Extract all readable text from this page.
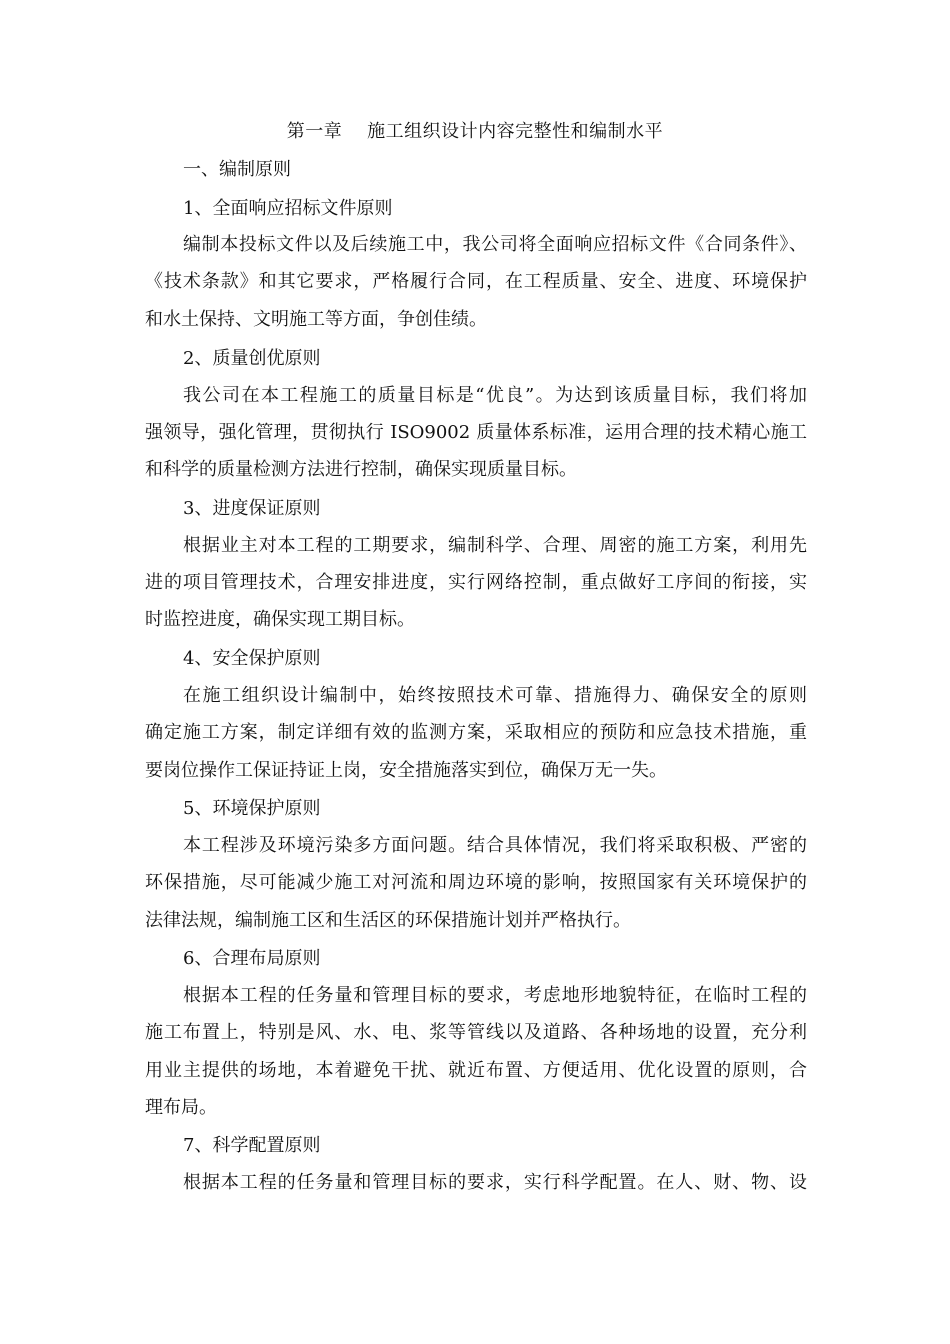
第一章    施工组织设计内容完整性和编制水平
一、编制原则
1、全面响应招标文件原则
编制本投标文件以及后续施工中，我公司将全面响应招标文件《合同条件》、
《技术条款》和其它要求，严格履行合同，在工程质量、安全、进度、环境保护
和水土保持、文明施工等方面，争创佳绩。
2、质量创优原则
我公司在本工程施工的质量目标是“优良”。为达到该质量目标，我们将加
强领导，强化管理，贯彻执行 ISO9002 质量体系标准，运用合理的技术精心施工
和科学的质量检测方法进行控制，确保实现质量目标。
3、进度保证原则
根据业主对本工程的工期要求，编制科学、合理、周密的施工方案，利用先
进的项目管理技术，合理安排进度，实行网络控制，重点做好工序间的衔接，实
时监控进度，确保实现工期目标。
4、安全保护原则
在施工组织设计编制中，始终按照技术可靠、措施得力、确保安全的原则
确定施工方案，制定详细有效的监测方案，采取相应的预防和应急技术措施，重
要岗位操作工保证持证上岗，安全措施落实到位，确保万无一失。
5、环境保护原则
本工程涉及环境污染多方面问题。结合具体情况，我们将采取积极、严密的
环保措施，尽可能减少施工对河流和周边环境的影响，按照国家有关环境保护的
法律法规，编制施工区和生活区的环保措施计划并严格执行。
6、合理布局原则
根据本工程的任务量和管理目标的要求，考虑地形地貌特征，在临时工程的
施工布置上，特别是风、水、电、浆等管线以及道路、各种场地的设置，充分利
用业主提供的场地，本着避免干扰、就近布置、方便适用、优化设置的原则，合
理布局。
7、科学配置原则
根据本工程的任务量和管理目标的要求，实行科学配置。在人、财、物、设
